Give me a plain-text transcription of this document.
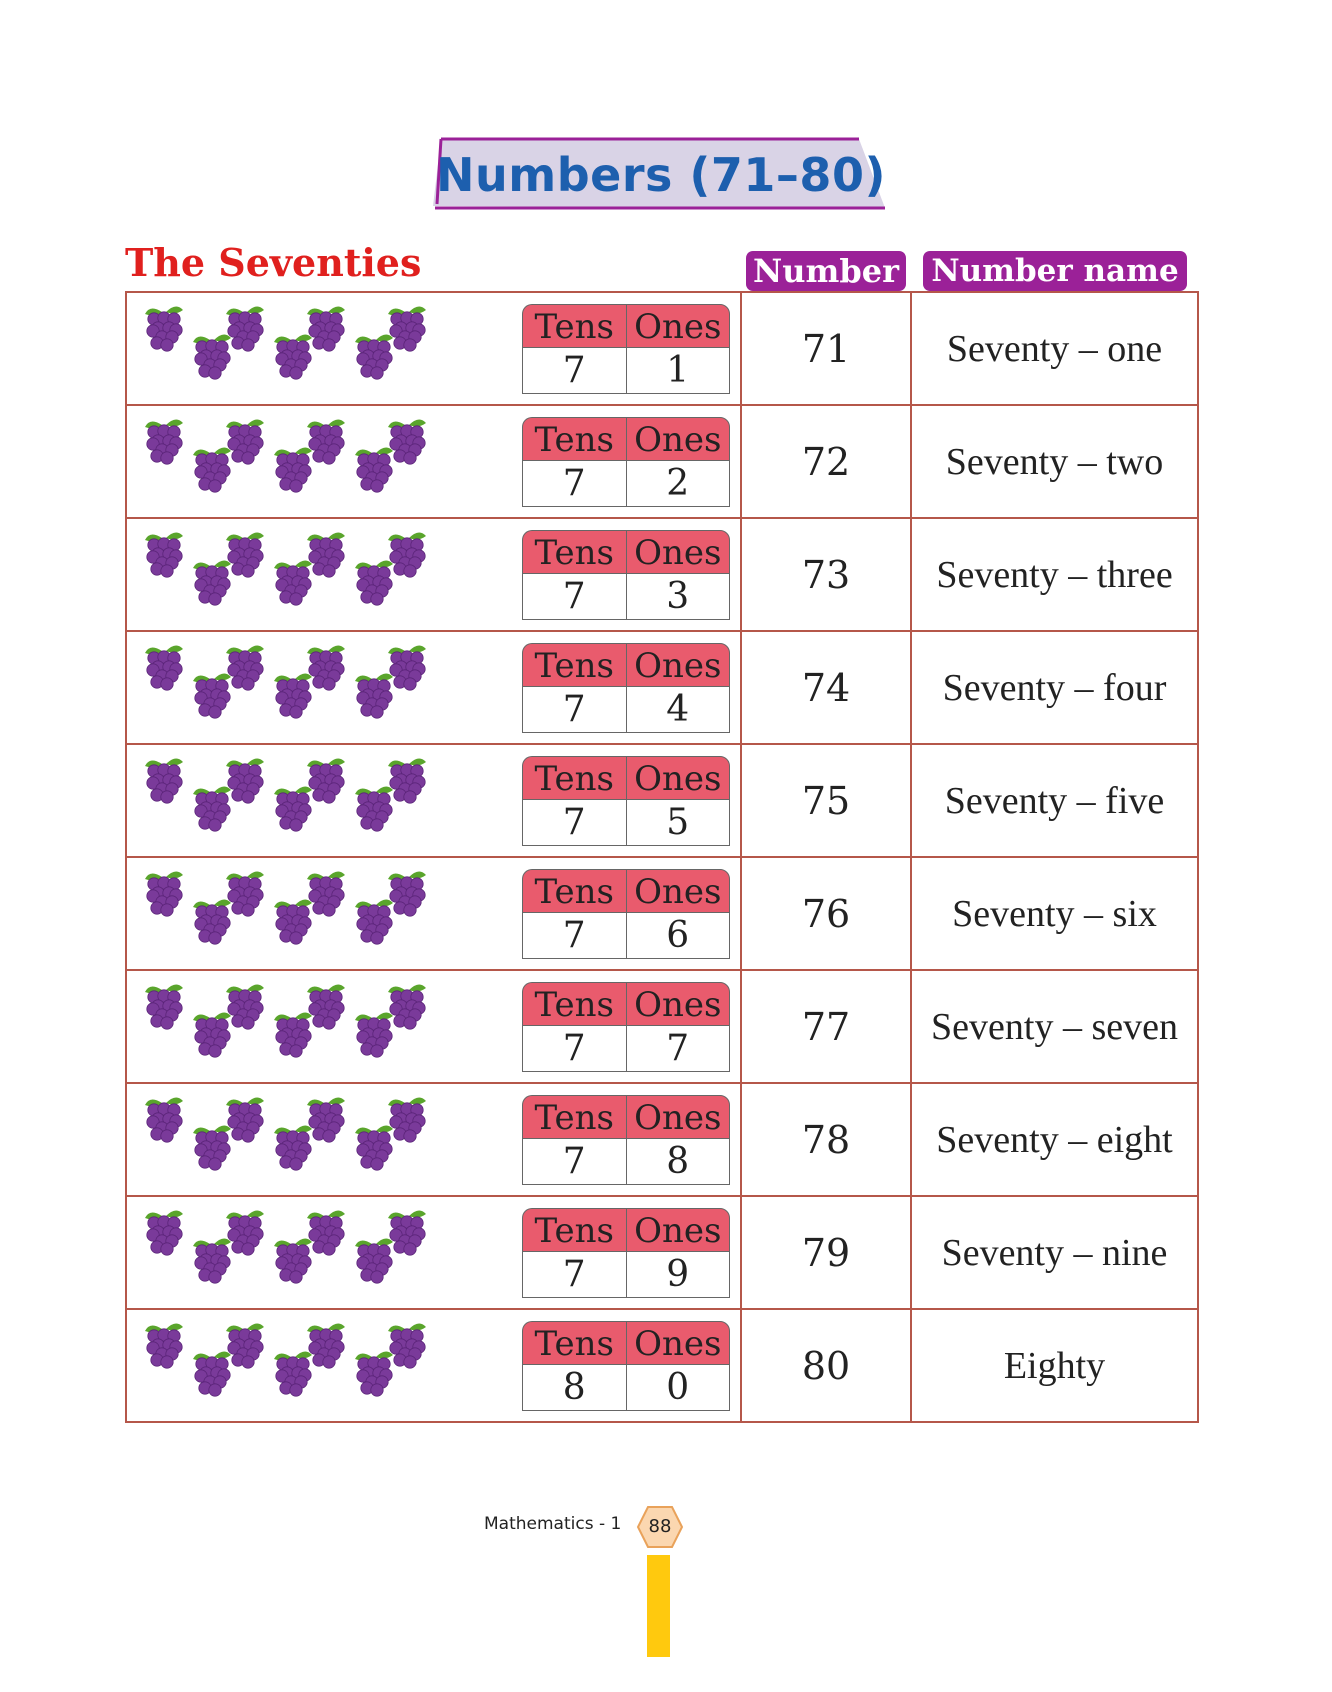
Numbers (71–80)
The Seventies	Number Number name
Tens Ones
7	1	71	Seventy – one
Tens Ones
7	2	72	Seventy – two
Tens Ones
7	3	73	Seventy – three
Tens Ones
7	4	74	Seventy – four
Tens Ones
7	5	75	Seventy – five
Tens Ones
7	6	76	Seventy – six
Tens Ones
7	7	77	Seventy – seven
Tens Ones
7	8	78	Seventy – eight
Tens Ones
7	9	79	Seventy – nine
Tens Ones
8	0	80	Eighty
Mathematics - 1	88
